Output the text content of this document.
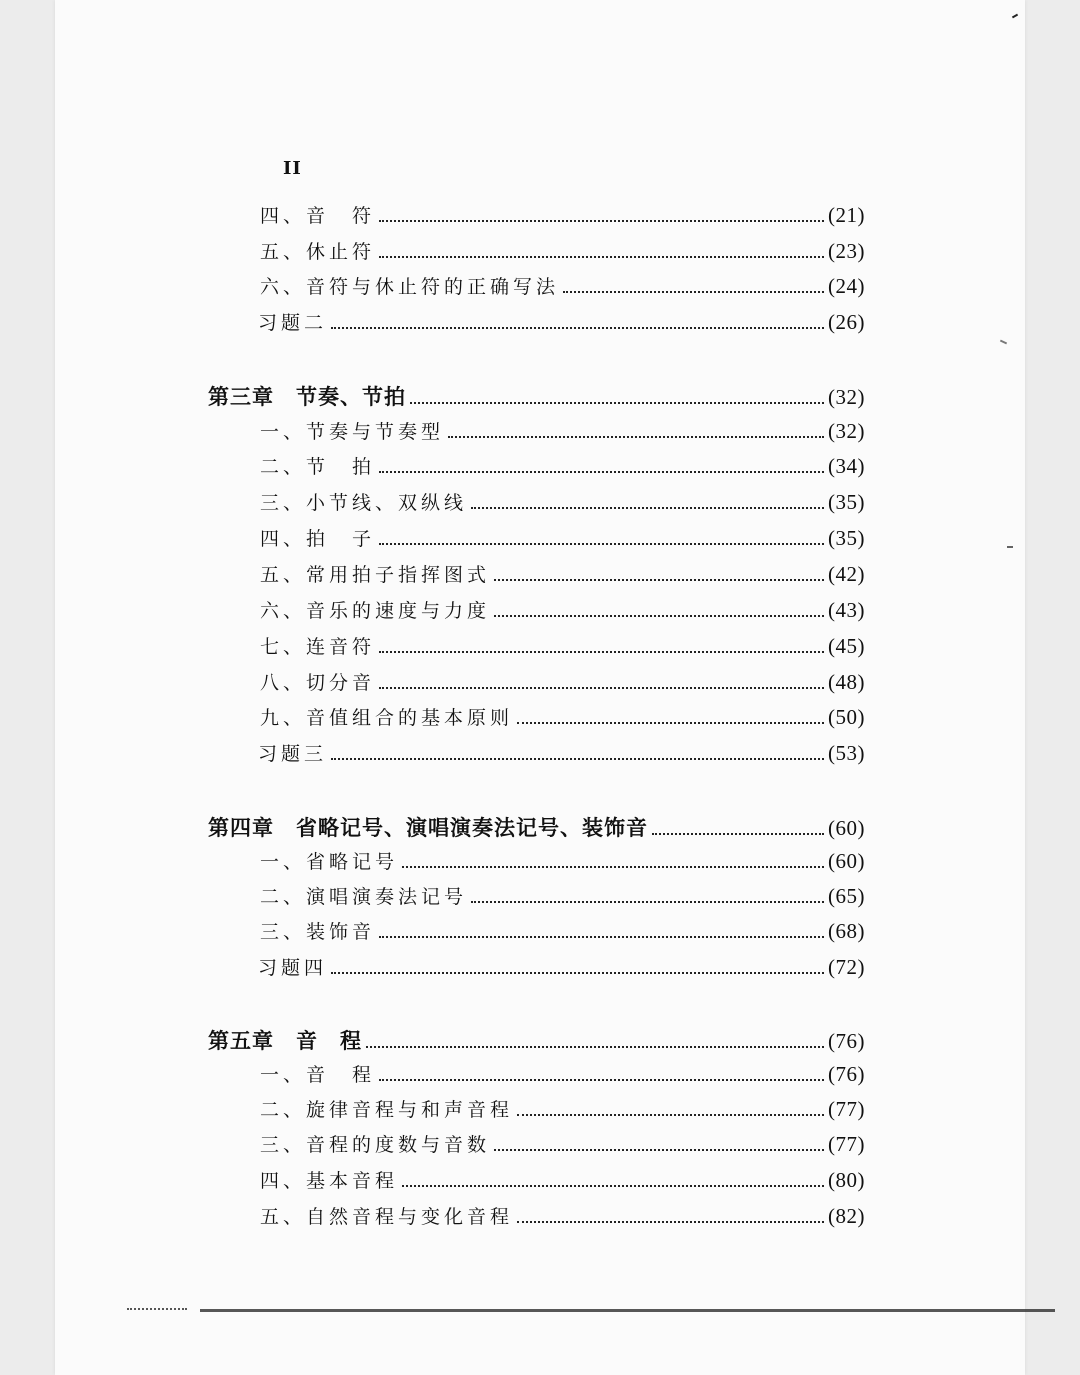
II
四、音　符	(21)
五、休止符	(23)
六、音符与休止符的正确写法	(24)
习题二	(26)
第三章　节奏、节拍	(32)
一、节奏与节奏型	(32)
二、节　拍	(34)
三、小节线、双纵线	(35)
四、拍　子	(35)
五、常用拍子指挥图式	(42)
六、音乐的速度与力度	(43)
七、连音符	(45)
八、切分音	(48)
九、音值组合的基本原则	(50)
习题三	(53)
第四章　省略记号、演唱演奏法记号、装饰音	(60)
一、省略记号	(60)
二、演唱演奏法记号	(65)
三、装饰音	(68)
习题四	(72)
第五章　音　程	(76)
一、音　程	(76)
二、旋律音程与和声音程	(77)
三、音程的度数与音数	(77)
四、基本音程	(80)
五、自然音程与变化音程	(82)
